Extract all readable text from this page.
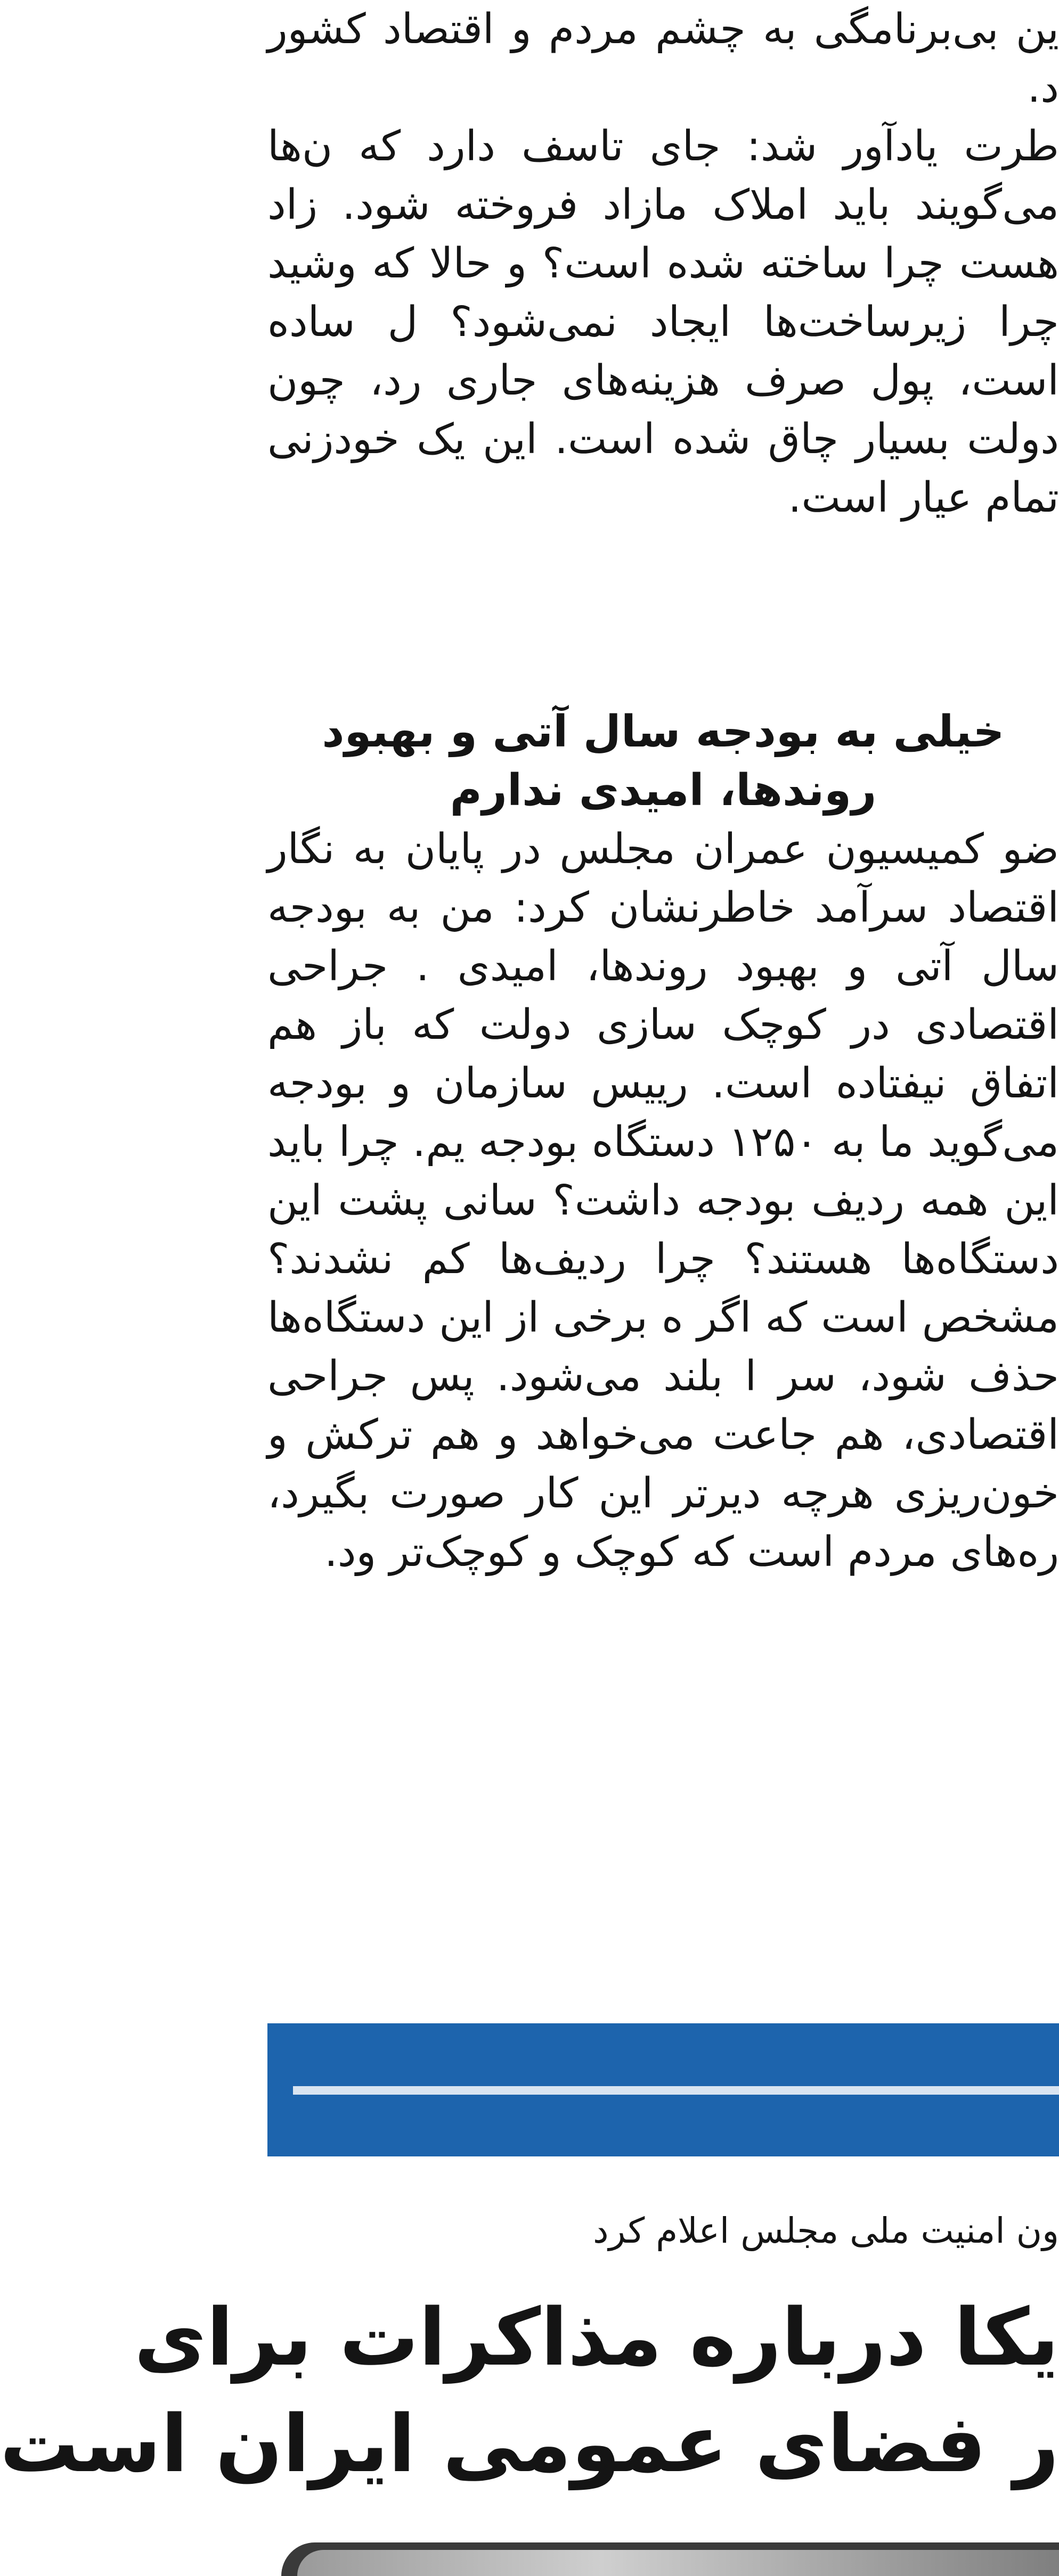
ین بی‌برنامگی به چشم مردم و اقتصاد کشور د.

طرت یادآور شد: جای تاسف دارد که ن‌ها می‌گویند باید املاک مازاد فروخته شود. زاد هست چرا ساخته شده است؟ و حالا که وشید چرا زیرساخت‌ها ایجاد نمی‌شود؟ ل ساده است، پول صرف هزینه‌های جاری رد، چون دولت بسیار چاق شده است. این یک خودزنی تمام عیار است.

خیلی به بودجه سال آتی و بهبود روندها، امیدی ندارم

ضو کمیسیون عمران مجلس در پایان به نگار اقتصاد سرآمد خاطرنشان کرد: من به بودجه سال آتی و بهبود روندها، امیدی . جراحی اقتصادی در کوچک سازی دولت که باز هم اتفاق نیفتاده است. رییس سازمان و بودجه می‌گوید ما به ۱۲۵۰ دستگاه بودجه یم. چرا باید این همه ردیف بودجه داشت؟ سانی پشت این دستگاه‌ها هستند؟ چرا ردیف‌ها کم نشدند؟ مشخص است که اگر ه برخی از این دستگاه‌ها حذف شود، سر ا بلند می‌شود. پس جراحی اقتصادی، هم جاعت می‌خواهد و هم ترکش و خون‌ریزی هرچه دیرتر این کار صورت بگیرد، ره‌های مردم است که کوچک و کوچک‌تر ود.

ون امنیت ملی مجلس اعلام کرد

یکا درباره مذاکرات برای
ر فضای عمومی ایران است
